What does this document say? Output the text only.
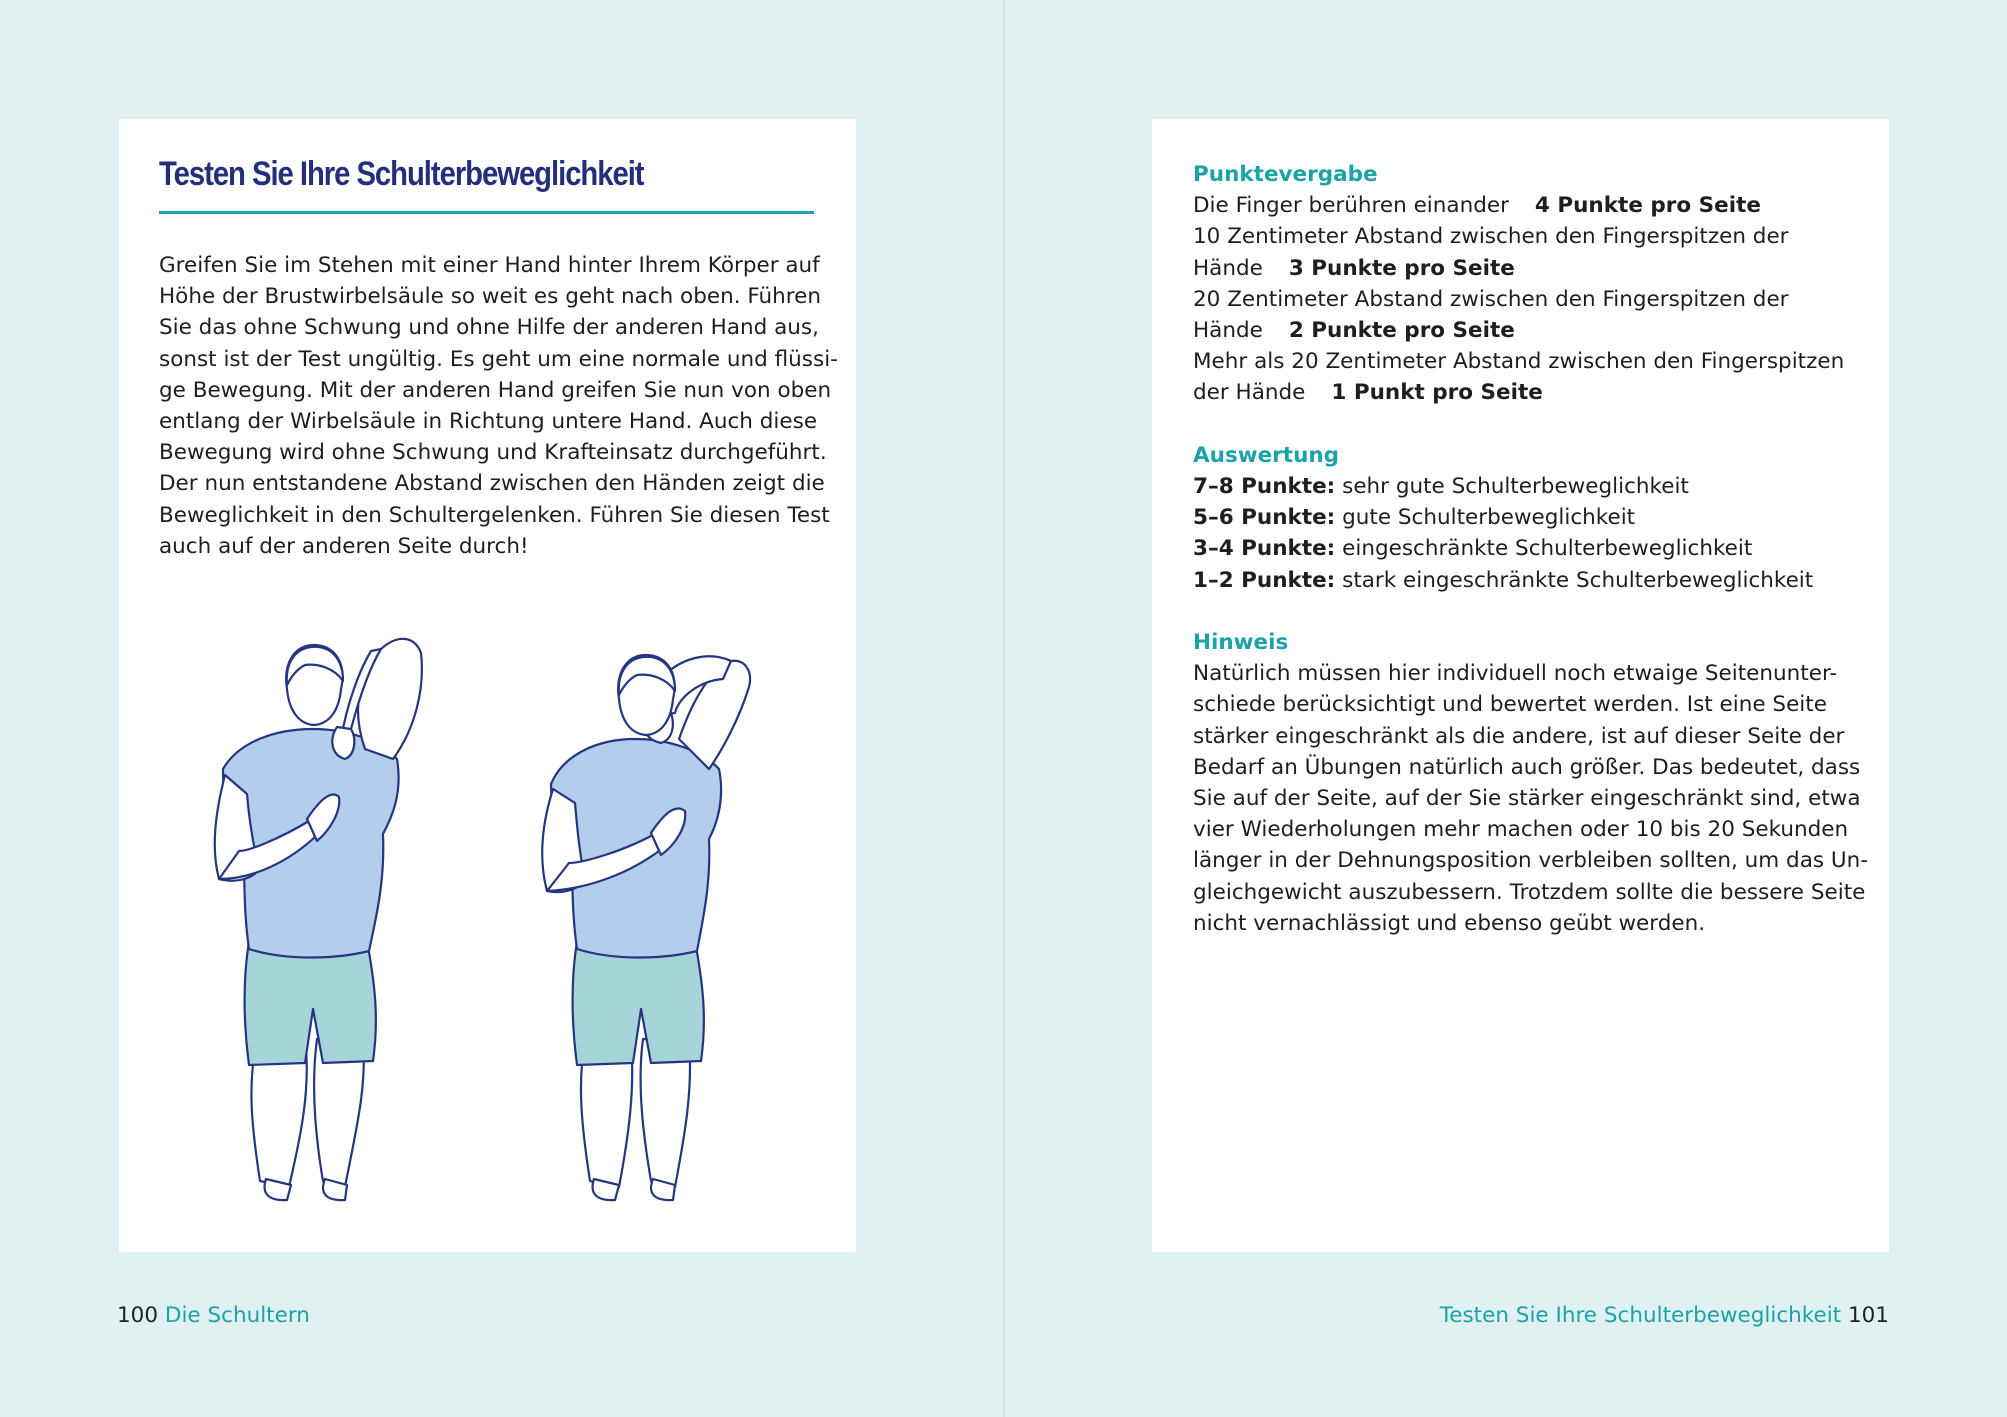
Testen Sie Ihre Schulterbeweglichkeit

Greifen Sie im Stehen mit einer Hand hinter Ihrem Körper auf

Höhe der Brustwirbelsäule so weit es geht nach oben. Führen

Sie das ohne Schwung und ohne Hilfe der anderen Hand aus,

sonst ist der Test ungültig. Es geht um eine normale und flüssi-

ge Bewegung. Mit der anderen Hand greifen Sie nun von oben

entlang der Wirbelsäule in Richtung untere Hand. Auch diese

Bewegung wird ohne Schwung und Krafteinsatz durchgeführt.

Der nun entstandene Abstand zwischen den Händen zeigt die

Beweglichkeit in den Schultergelenken. Führen Sie diesen Test

auch auf der anderen Seite durch!

Punktevergabe

Die Finger berühren einander 4 Punkte pro Seite

10 Zentimeter Abstand zwischen den Fingerspitzen der

Hände 3 Punkte pro Seite

20 Zentimeter Abstand zwischen den Fingerspitzen der

Hände 2 Punkte pro Seite

Mehr als 20 Zentimeter Abstand zwischen den Fingerspitzen

der Hände 1 Punkt pro Seite

Auswertung

7–8 Punkte: sehr gute Schulterbeweglichkeit

5–6 Punkte: gute Schulterbeweglichkeit

3–4 Punkte: eingeschränkte Schulterbeweglichkeit

1–2 Punkte: stark eingeschränkte Schulterbeweglichkeit

Hinweis

Natürlich müssen hier individuell noch etwaige Seitenunter-

schiede berücksichtigt und bewertet werden. Ist eine Seite

stärker eingeschränkt als die andere, ist auf dieser Seite der

Bedarf an Übungen natürlich auch größer. Das bedeutet, dass

Sie auf der Seite, auf der Sie stärker eingeschränkt sind, etwa

vier Wiederholungen mehr machen oder 10 bis 20 Sekunden

länger in der Dehnungsposition verbleiben sollten, um das Un-

gleichgewicht auszubessern. Trotzdem sollte die bessere Seite

nicht vernachlässigt und ebenso geübt werden.

100 Die Schultern	Testen Sie Ihre Schulterbeweglichkeit 101
